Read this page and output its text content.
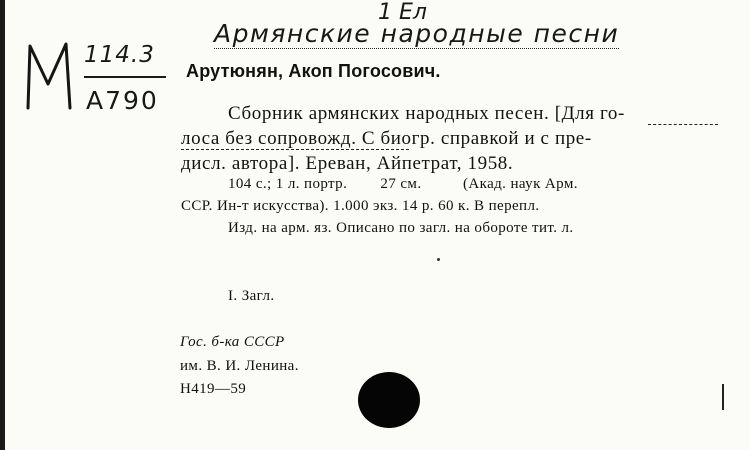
1 Ел
Армянские народные песни
114.3
А790
Арутюнян, Акоп Погосович.
Сборник армянских народных песен. [Для го-
лоса без сопровожд. С биогр. справкой и с пре-
дисл. автора]. Ереван, Айпетрат, 1958.
104 с.; 1 л. портр.        27 см.          (Акад. наук Арм.
ССР. Ин-т искусства). 1.000 экз. 14 р. 60 к. В перепл.
Изд. на арм. яз. Описано по загл. на обороте тит. л.
I. Загл.
Гос. б-ка СССР
им. В. И. Ленина.
Н419—59
